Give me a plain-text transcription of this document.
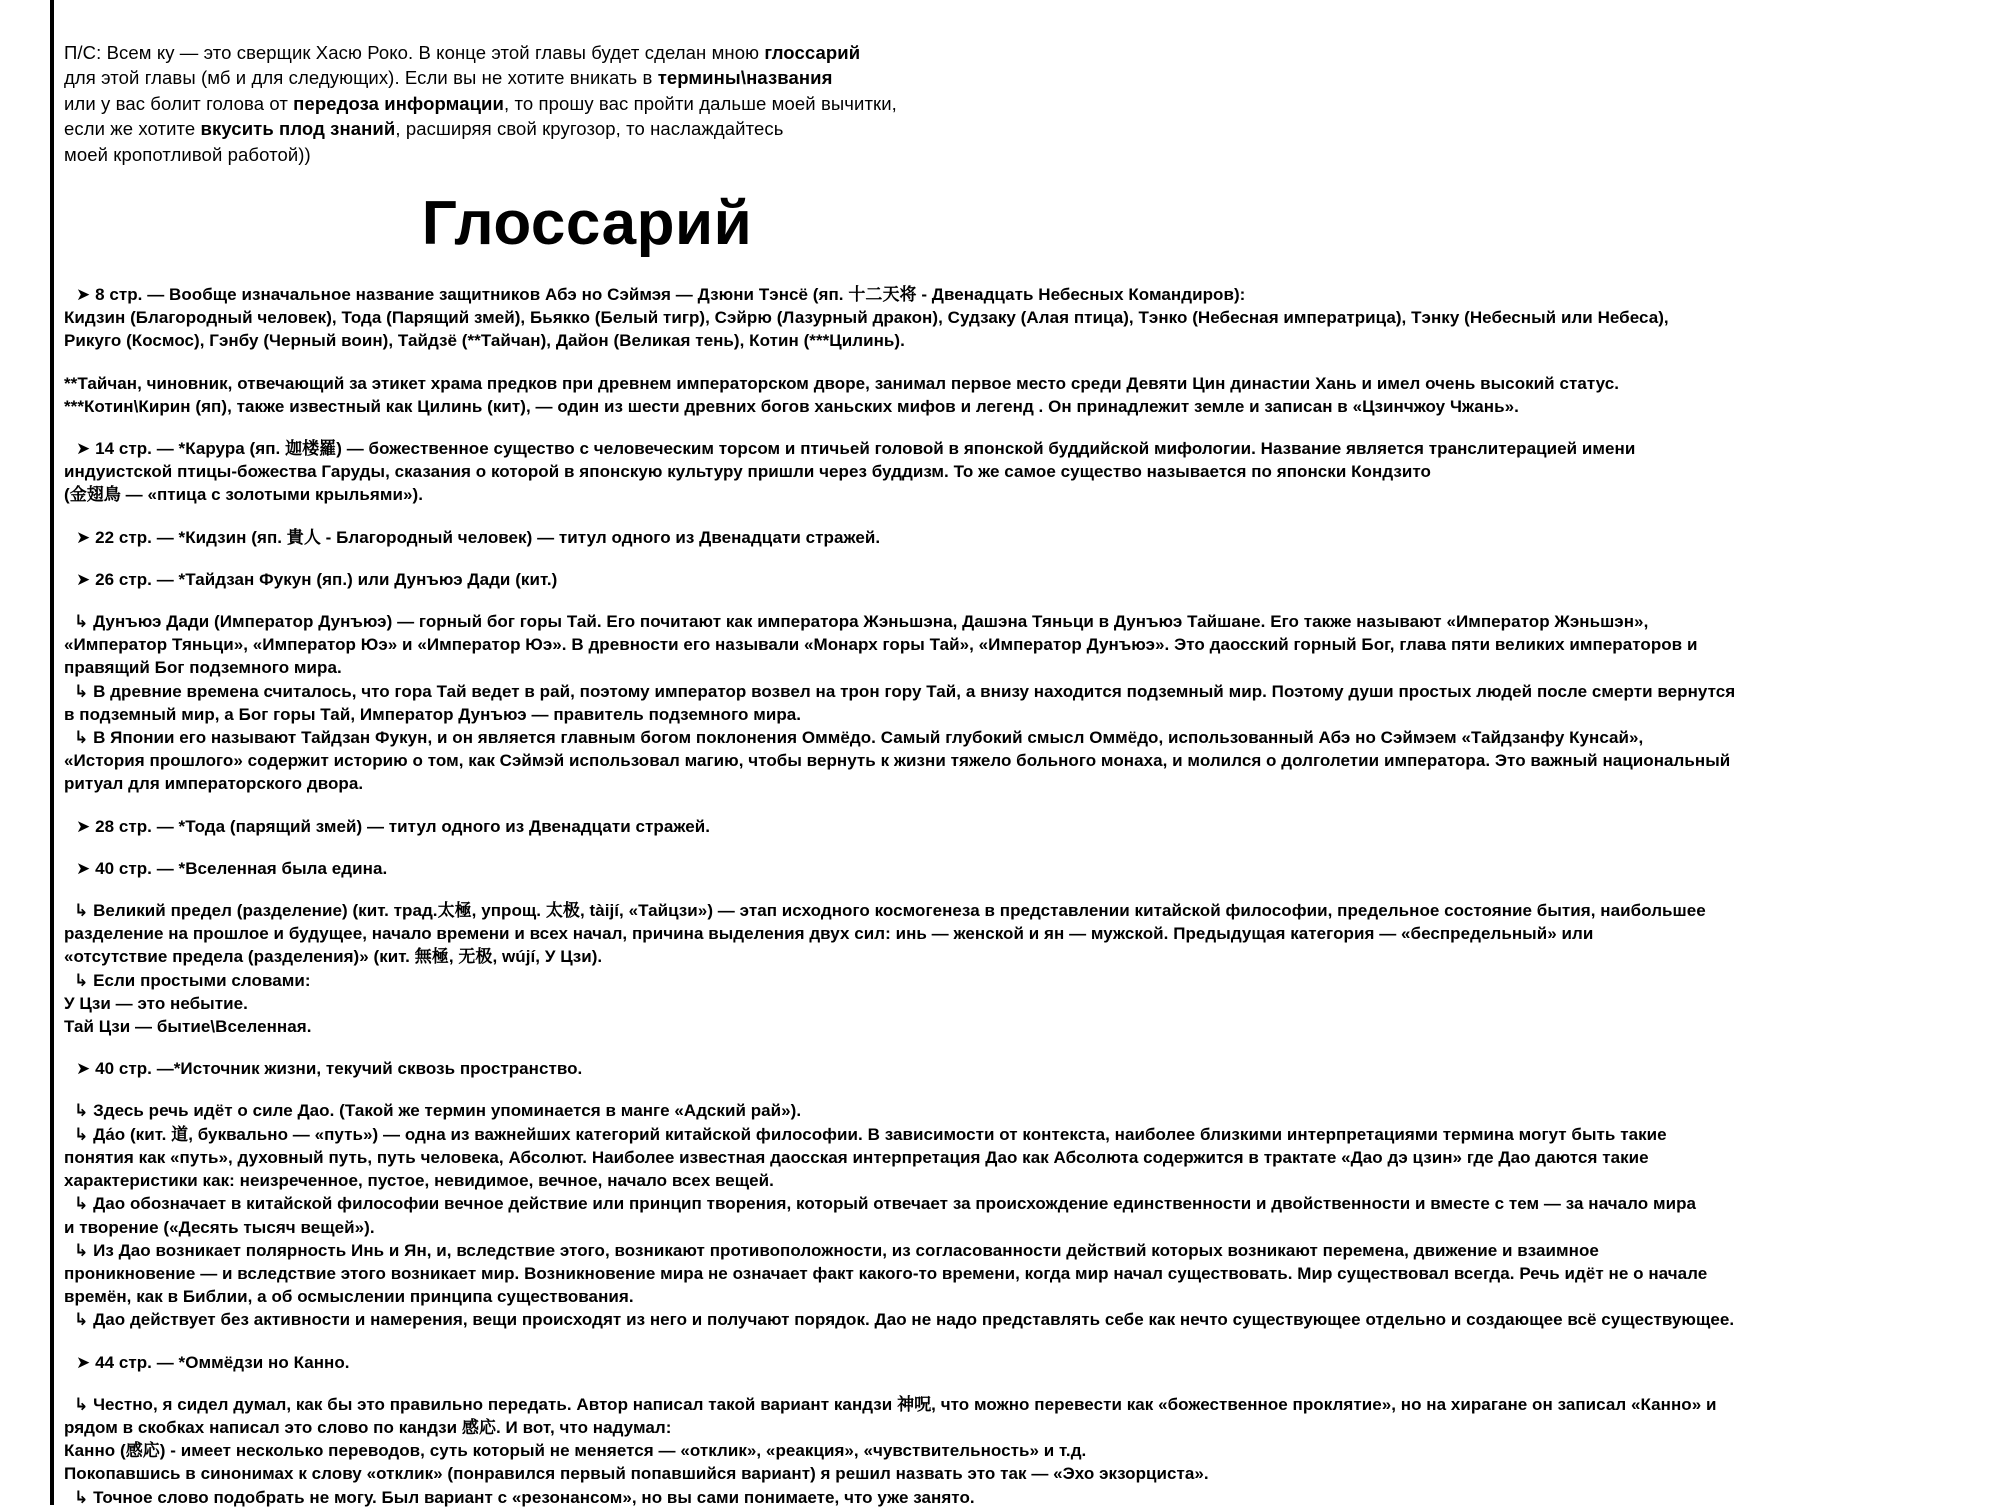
П/С: Всем ку — это сверщик Хасю Роко. В конце этой главы будет сделан мною глоссарий
для этой главы (мб и для следующих). Если вы не хотите вникать в термины\названия
или у вас болит голова от передоза информации, то прошу вас пройти дальше моей вычитки,
если же хотите вкусить плод знаний, расширяя свой кругозор, то наслаждайтесь
моей кропотливой работой))

Глоссарий
➤ 8 стр. — Вообще изначальное название защитников Абэ но Сэймэя — Дзюни Тэнсё (яп. 十二天将 - Двенадцать Небесных Командиров):
Кидзин (Благородный человек), Тода (Парящий змей), Бьякко (Белый тигр), Сэйрю (Лазурный дракон), Судзаку (Алая птица), Тэнко (Небесная императрица), Тэнку (Небесный или Небеса),
Рикуго (Космос), Гэнбу (Черный воин), Тайдзё (**Тайчан), Дайон (Великая тень), Котин (***Цилинь).
**Тайчан, чиновник, отвечающий за этикет храма предков при древнем императорском дворе, занимал первое место среди Девяти Цин династии Хань и имел очень высокий статус.
***Котин\Кирин (яп), также известный как Цилинь (кит), — один из шести древних богов ханьских мифов и легенд . Он принадлежит земле и записан в «Цзинчжоу Чжань».
➤ 14 стр. — *Карура (яп. 迦楼羅) — божественное существо с человеческим торсом и птичьей головой в японской буддийской мифологии. Название является транслитерацией имени
индуистской птицы-божества Гаруды, сказания о которой в японскую культуру пришли через буддизм. То же самое существо называется по японски Кондзито
(金翅鳥 — «птица с золотыми крыльями»).
➤ 22 стр. — *Кидзин (яп. 貴人 - Благородный человек) — титул одного из Двенадцати стражей.
➤ 26 стр. — *Тайдзан Фукун (яп.) или Дунъюэ Дади (кит.)
↳ Дунъюэ Дади (Император Дунъюэ) — горный бог горы Тай. Его почитают как императора Жэньшэна, Дашэна Тяньци в Дунъюэ Тайшане. Его также называют «Император Жэньшэн»,
«Император Тяньци», «Император Юэ» и «Император Юэ». В древности его называли «Монарх горы Тай», «Император Дунъюэ». Это даосский горный Бог, глава пяти великих императоров и
правящий Бог подземного мира.
↳ В древние времена считалось, что гора Тай ведет в рай, поэтому император возвел на трон гору Тай, а внизу находится подземный мир. Поэтому души простых людей после смерти вернутся
в подземный мир, а Бог горы Тай, Император Дунъюэ — правитель подземного мира.
↳ В Японии его называют Тайдзан Фукун, и он является главным богом поклонения Оммёдо. Самый глубокий смысл Оммёдо, использованный Абэ но Сэймэем «Тайдзанфу Кунсай»,
«История прошлого» содержит историю о том, как Сэймэй использовал магию, чтобы вернуть к жизни тяжело больного монаха, и молился о долголетии императора. Это важный национальный
ритуал для императорского двора.
➤ 28 стр. — *Тода (парящий змей) — титул одного из Двенадцати стражей.
➤ 40 стр. — *Вселенная была едина.
↳ Великий предел (разделение) (кит. трад.太極, упрощ. 太极, tàijí, «Тайцзи») — этап исходного космогенеза в представлении китайской философии, предельное состояние бытия, наибольшее
разделение на прошлое и будущее, начало времени и всех начал, причина выделения двух сил: инь — женской и ян — мужской. Предыдущая категория — «беспредельный» или
«отсутствие предела (разделения)» (кит. 無極, 无极, wújí, У Цзи).
↳ Если простыми словами:
У Цзи — это небытие.
Тай Цзи — бытие\Вселенная.
➤ 40 стр. —*Источник жизни, текучий сквозь пространство.
↳ Здесь речь идёт о силе Дао. (Такой же термин упоминается в манге «Адский рай»).
↳ Да́о (кит. 道, буквально — «путь») — одна из важнейших категорий китайской философии. В зависимости от контекста, наиболее близкими интерпретациями термина могут быть такие
понятия как «путь», духовный путь, путь человека, Абсолют. Наиболее известная даосская интерпретация Дао как Абсолюта содержится в трактате «Дао дэ цзин» где Дао даются такие
характеристики как: неизреченное, пустое, невидимое, вечное, начало всех вещей.
↳ Дао обозначает в китайской философии вечное действие или принцип творения, который отвечает за происхождение единственности и двойственности и вместе с тем — за начало мира
и творение («Десять тысяч вещей»).
↳ Из Дао возникает полярность Инь и Ян, и, вследствие этого, возникают противоположности, из согласованности действий которых возникают перемена, движение и взаимное
проникновение — и вследствие этого возникает мир. Возникновение мира не означает факт какого-то времени, когда мир начал существовать. Мир существовал всегда. Речь идёт не о начале
времён, как в Библии, а об осмыслении принципа существования.
↳ Дао действует без активности и намерения, вещи происходят из него и получают порядок. Дао не надо представлять себе как нечто существующее отдельно и создающее всё существующее.
➤ 44 стр. — *Оммёдзи но Канно.
↳ Честно, я сидел думал, как бы это правильно передать. Автор написал такой вариант кандзи 神呪, что можно перевести как «божественное проклятие», но на хирагане он записал «Канно» и
рядом в скобках написал это слово по кандзи 感応. И вот, что надумал:
Канно (感応) - имеет несколько переводов, суть который не меняется — «отклик», «реакция», «чувствительность» и т.д.
Покопавшись в синонимах к слову «отклик» (понравился первый попавшийся вариант) я решил назвать это так — «Эхо экзорциста».
↳ Точное слово подобрать не могу. Был вариант с «резонансом», но вы сами понимаете, что уже занято.
